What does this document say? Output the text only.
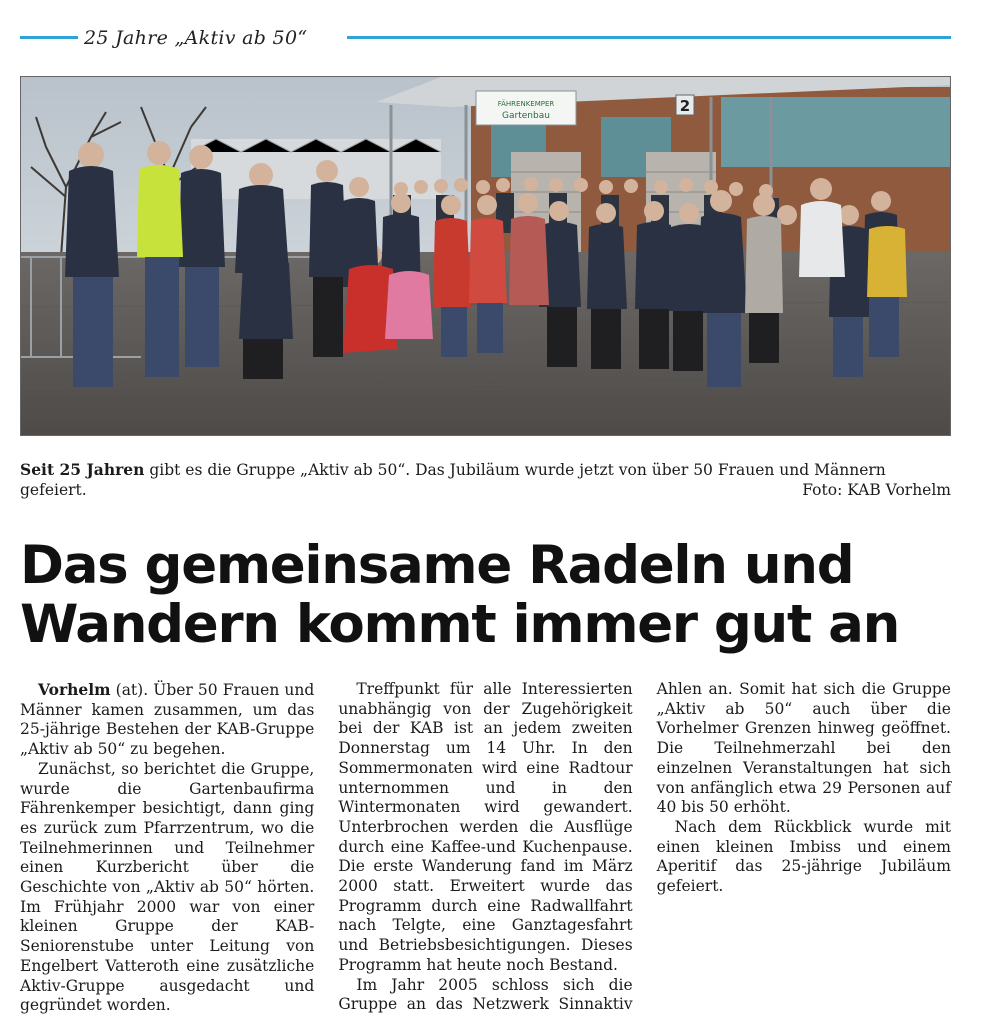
25 Jahre „Aktiv ab 50“
FÄHRENKEMPER
Gartenbau
2
Seit 25 Jahren gibt es die Gruppe „Aktiv ab 50“. Das Jubiläum wurde jetzt von über 50 Frauen und Männern gefeiert.	Foto: KAB Vorhelm
Das gemeinsame Radeln und
Wandern kommt immer gut an

Vorhelm (at). Über 50 Frauen und Männer kamen zusammen, um das 25-jährige Bestehen der KAB-Gruppe „Aktiv ab 50“ zu begehen.

Zunächst, so berichtet die Gruppe, wurde die Gartenbaufirma Fährenkemper besichtigt, dann ging es zurück zum Pfarrzentrum, wo die Teilnehmerinnen und Teilnehmer einen Kurzbericht über die Geschichte von „Aktiv ab 50“ hörten. Im Frühjahr 2000 war von einer kleinen Gruppe der KAB-Seniorenstube unter Leitung von Engelbert Vatteroth eine zusätzliche Aktiv-Gruppe ausgedacht und gegründet worden.

Treffpunkt für alle Interessierten unabhängig von der Zugehörigkeit bei der KAB ist an jedem zweiten Donnerstag um 14 Uhr. In den Sommermonaten wird eine Radtour unternommen und in den Wintermonaten wird gewandert. Unterbrochen werden die Ausflüge durch eine Kaffee-und Kuchenpause. Die erste Wanderung fand im März 2000 statt. Erweitert wurde das Programm durch eine Radwallfahrt nach Telgte, eine Ganztagesfahrt und Betriebsbesichtigungen. Dieses Programm hat heute noch Bestand.

Im Jahr 2005 schloss sich die Gruppe an das Netzwerk Sinnaktiv Ahlen an. Somit hat sich die Gruppe „Aktiv ab 50“ auch über die Vorhelmer Grenzen hinweg geöffnet. Die Teilnehmerzahl bei den einzelnen Veranstaltungen hat sich von anfänglich etwa 29 Personen auf 40 bis 50 erhöht.

Nach dem Rückblick wurde mit einen kleinen Imbiss und einem Aperitif das 25-jährige Jubiläum gefeiert.
